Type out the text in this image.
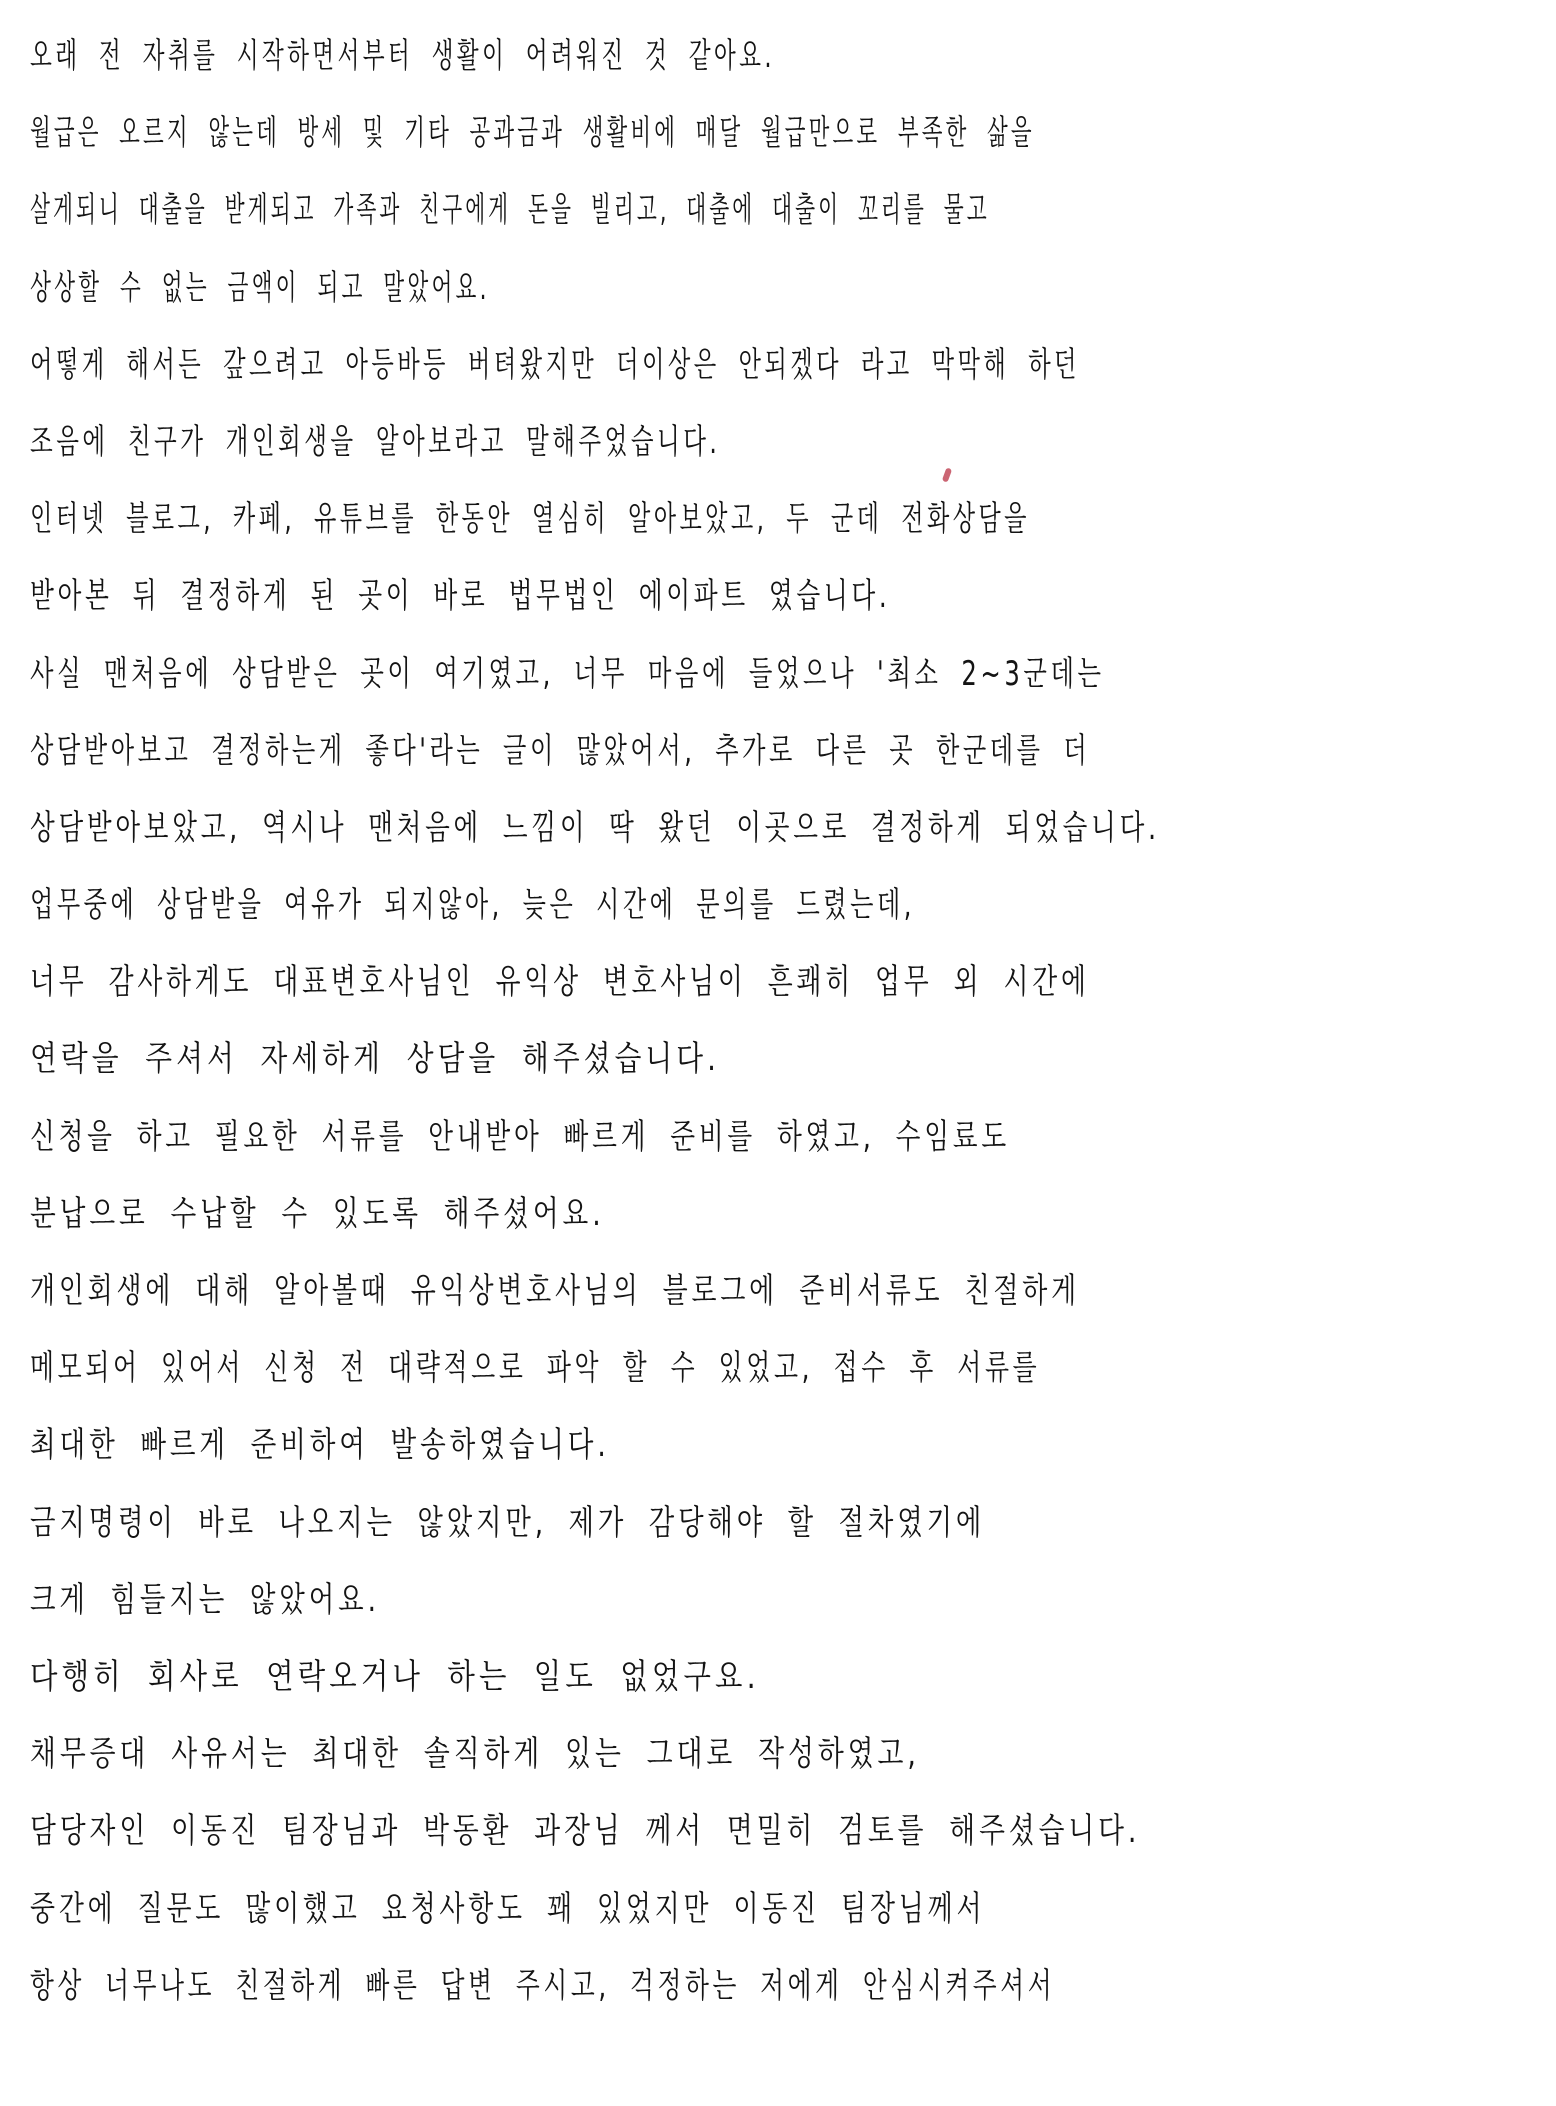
오래 전 자취를 시작하면서부터 생활이 어려워진 것 같아요.
월급은 오르지 않는데 방세 및 기타 공과금과 생활비에 매달 월급만으로 부족한 삶을
살게되니 대출을 받게되고 가족과 친구에게 돈을 빌리고, 대출에 대출이 꼬리를 물고
상상할 수 없는 금액이 되고 말았어요.
어떻게 해서든 갚으려고 아등바등 버텨왔지만 더이상은 안되겠다 라고 막막해 하던
조음에 친구가 개인회생을 알아보라고 말해주었습니다.
인터넷 블로그, 카페, 유튜브를 한동안 열심히 알아보았고, 두 군데 전화상담을
받아본 뒤 결정하게 된 곳이 바로 법무법인 에이파트 였습니다.
사실 맨처음에 상담받은 곳이 여기였고, 너무 마음에 들었으나 '최소 2~3군데는
상담받아보고 결정하는게 좋다'라는 글이 많았어서, 추가로 다른 곳 한군데를 더
상담받아보았고, 역시나 맨처음에 느낌이 딱 왔던 이곳으로 결정하게 되었습니다.
업무중에 상담받을 여유가 되지않아, 늦은 시간에 문의를 드렸는데,
너무 감사하게도 대표변호사님인 유익상 변호사님이 흔쾌히 업무 외 시간에
연락을 주셔서 자세하게 상담을 해주셨습니다.
신청을 하고 필요한 서류를 안내받아 빠르게 준비를 하였고, 수임료도
분납으로 수납할 수 있도록 해주셨어요.
개인회생에 대해 알아볼때 유익상변호사님의 블로그에 준비서류도 친절하게
메모되어 있어서 신청 전 대략적으로 파악 할 수 있었고, 접수 후 서류를
최대한 빠르게 준비하여 발송하였습니다.
금지명령이 바로 나오지는 않았지만, 제가 감당해야 할 절차였기에
크게 힘들지는 않았어요.
다행히 회사로 연락오거나 하는 일도 없었구요.
채무증대 사유서는 최대한 솔직하게 있는 그대로 작성하였고,
담당자인 이동진 팀장님과 박동환 과장님 께서 면밀히 검토를 해주셨습니다.
중간에 질문도 많이했고 요청사항도 꽤 있었지만 이동진 팀장님께서
항상 너무나도 친절하게 빠른 답변 주시고, 걱정하는 저에게 안심시켜주셔서
